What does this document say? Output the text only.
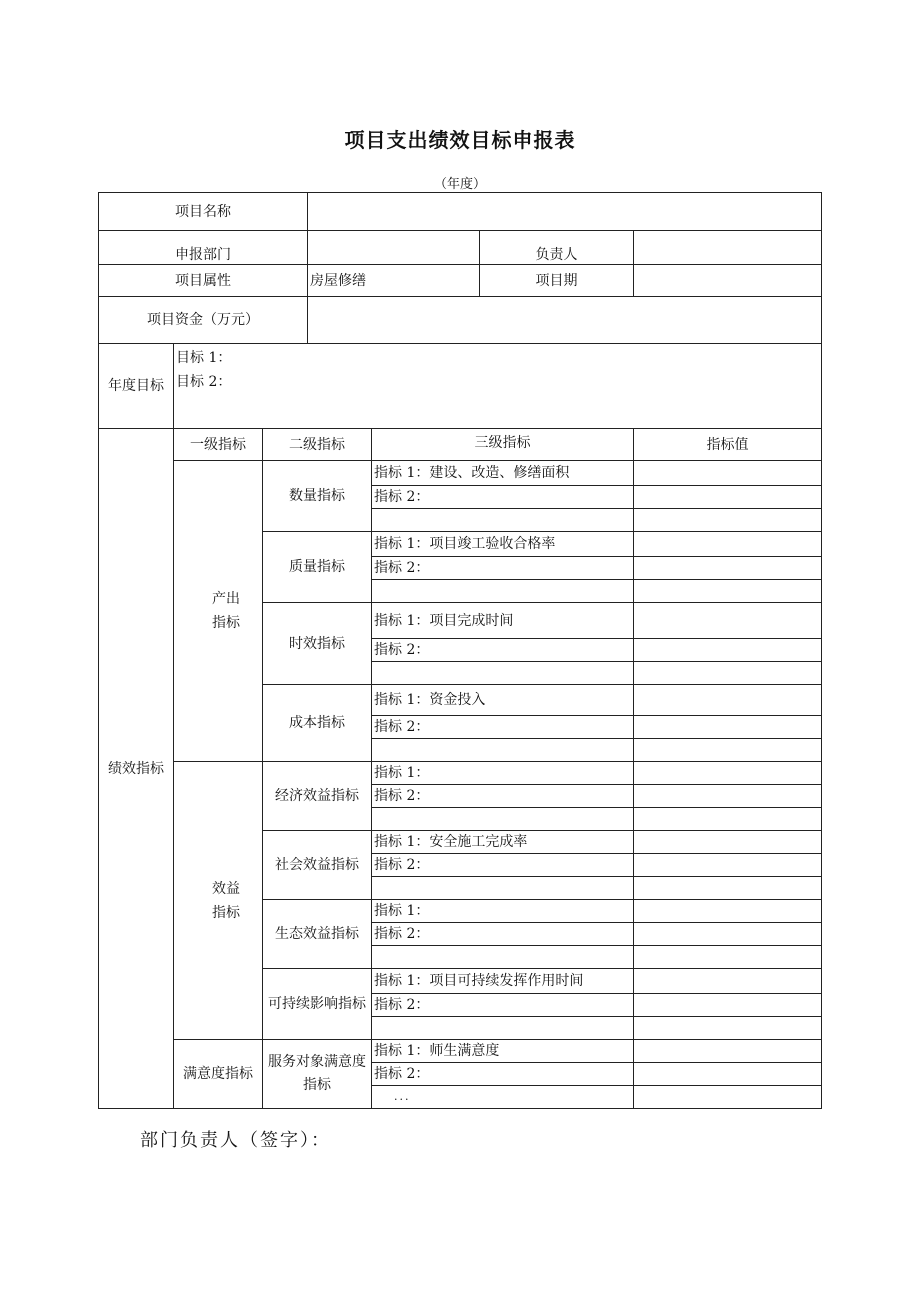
项目支出绩效目标申报表
（年度）
项目名称						
申报部门					负责人	
项目属性			房屋修缮		项目期	
项目资金（万元）						
年度目标	目标 1：
目标 2：					

绩效指标	一级指标	二级指标		三级指标		指标值
	产出指标	数量指标		指标 1：建设、改造、修缮面积		
				指标 2：		

		质量指标		指标 1：项目竣工验收合格率		
				指标 2：		

		时效指标		指标 1：项目完成时间		
				指标 2：		

		成本指标		指标 1：资金投入		
				指标 2：		

	效益指标	经济效益指标		指标 1：		
				指标 2：		

		社会效益指标		指标 1：安全施工完成率		
				指标 2：		

		生态效益指标		指标 1：		
				指标 2：		

		可持续影响指标		指标 1：项目可持续发挥作用时间		
				指标 2：		

	满意度指标	服务对象满意度指标		指标 1：师生满意度		
				指标 2：		
				...		
部门负责人（签字）：
